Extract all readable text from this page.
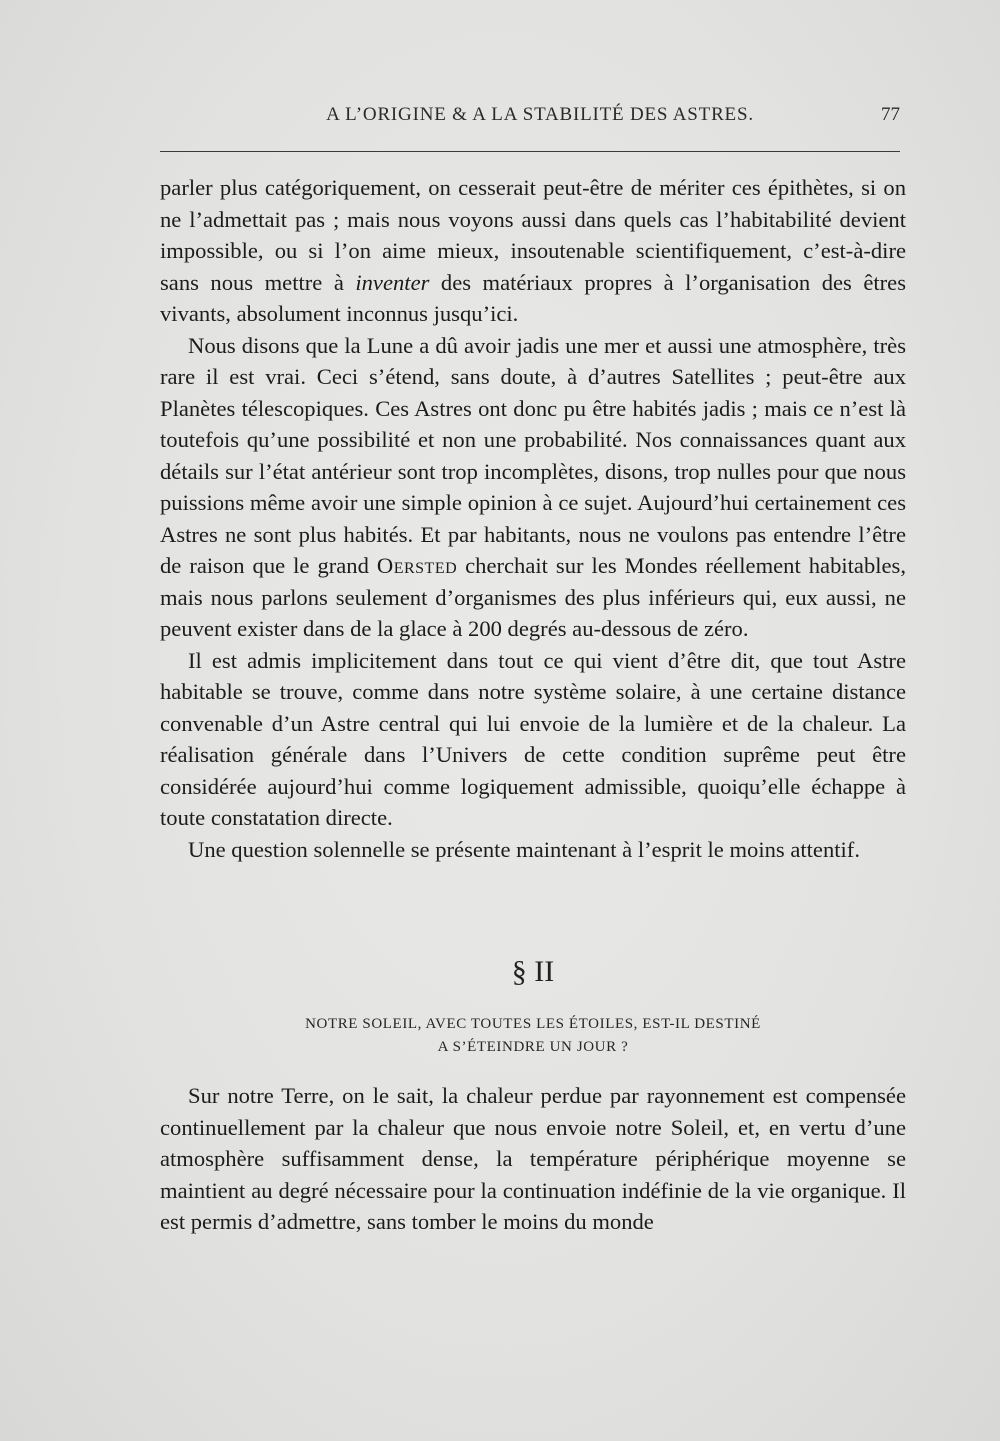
A L’ORIGINE & A LA STABILITÉ DES ASTRES.	77

parler plus catégoriquement, on cesserait peut-être de mériter ces épithètes, si on ne l’admettait pas ; mais nous voyons aussi dans quels cas l’habitabilité devient impossible, ou si l’on aime mieux, insoutenable scientifiquement, c’est-à-dire sans nous mettre à inventer des matériaux propres à l’organisation des êtres vivants, absolument inconnus jusqu’ici.

Nous disons que la Lune a dû avoir jadis une mer et aussi une atmosphère, très rare il est vrai. Ceci s’étend, sans doute, à d’autres Satellites ; peut-être aux Planètes télescopiques. Ces Astres ont donc pu être habités jadis ; mais ce n’est là toutefois qu’une possibilité et non une probabilité. Nos connaissances quant aux détails sur l’état antérieur sont trop incomplètes, disons, trop nulles pour que nous puissions même avoir une simple opinion à ce sujet. Aujourd’hui certainement ces Astres ne sont plus habités. Et par habitants, nous ne voulons pas entendre l’être de raison que le grand Oersted cherchait sur les Mondes réellement habitables, mais nous parlons seulement d’organismes des plus inférieurs qui, eux aussi, ne peuvent exister dans de la glace à 200 degrés au-dessous de zéro.

Il est admis implicitement dans tout ce qui vient d’être dit, que tout Astre habitable se trouve, comme dans notre système solaire, à une certaine distance convenable d’un Astre central qui lui envoie de la lumière et de la chaleur. La réalisation générale dans l’Univers de cette condition suprême peut être considérée aujourd’hui comme logiquement admissible, quoiqu’elle échappe à toute constatation directe.

Une question solennelle se présente maintenant à l’esprit le moins attentif.

§ II
NOTRE SOLEIL, AVEC TOUTES LES ÉTOILES, EST-IL DESTINÉ
A S’ÉTEINDRE UN JOUR ?

Sur notre Terre, on le sait, la chaleur perdue par rayonnement est compensée continuellement par la chaleur que nous envoie notre Soleil, et, en vertu d’une atmosphère suffisamment dense, la température périphérique moyenne se maintient au degré nécessaire pour la continuation indéfinie de la vie organique. Il est permis d’admettre, sans tomber le moins du monde
